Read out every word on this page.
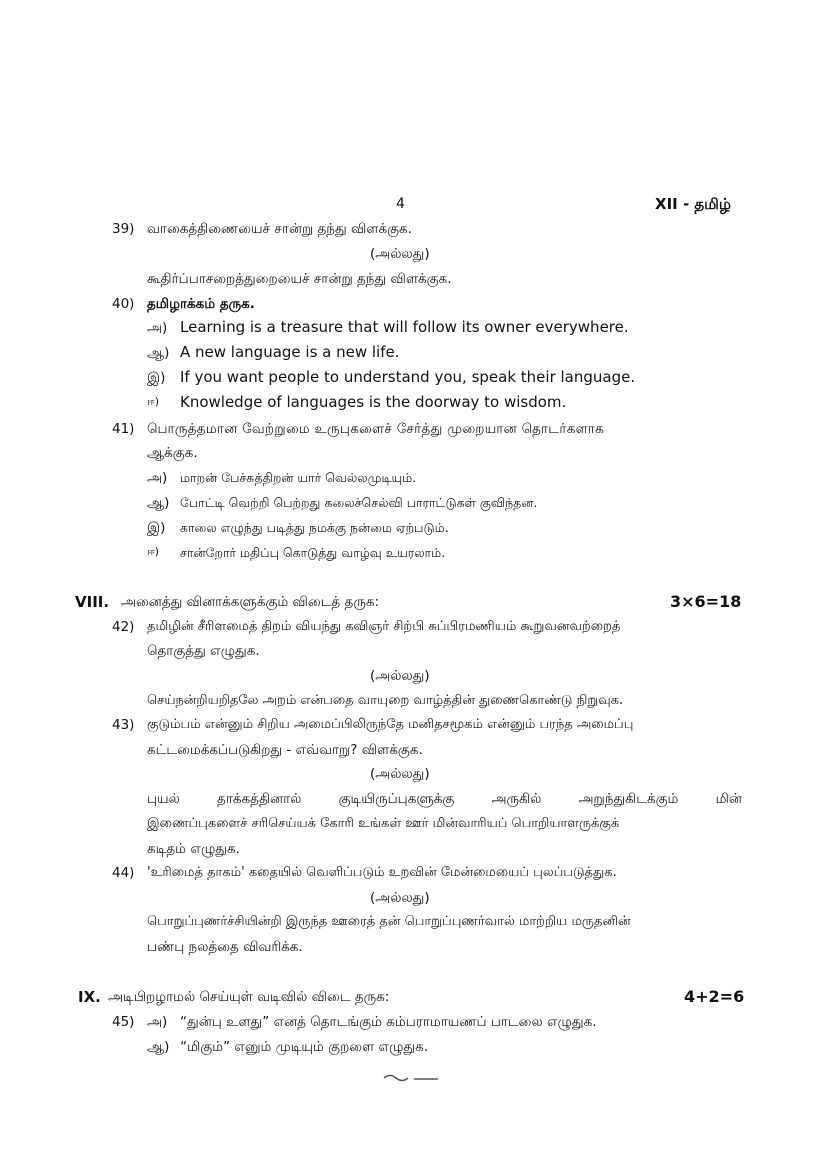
4	XII - தமிழ்
39) வாகைத்திணையைச் சான்று தந்து விளக்குக.
(அல்லது)
கூதிர்ப்பாசறைத்துறையைச் சான்று தந்து விளக்குக.
40) தமிழாக்கம் தருக.
அ) Learning is a treasure that will follow its owner everywhere.
ஆ) A new language is a new life.
இ) If you want people to understand you, speak their language.
ஈ) Knowledge of languages is the doorway to wisdom.
41) பொருத்தமான வேற்றுமை உருபுகளைச் சேர்த்து முறையான தொடர்களாக
ஆக்குக.
அ) மாறன் பேச்சுத்திறன் யார் வெல்லமுடியும்.
ஆ) போட்டி வெற்றி பெற்றது கலைச்செல்வி பாராட்டுகள் குவிந்தன.
இ) காலை எழுந்து படித்து நமக்கு நன்மை ஏற்படும்.
ஈ) சான்றோர் மதிப்பு கொடுத்து வாழ்வு உயரலாம்.
VIII. அனைத்து வினாக்களுக்கும் விடைத் தருக:	3×6=18
42) தமிழின் சீரிளமைத் திறம் வியந்து கவிஞர் சிற்பி சுப்பிரமணியம் கூறுவனவற்றைத்
தொகுத்து எழுதுக.
(அல்லது)
செய்நன்றியறிதலே அறம் என்பதை வாயுறை வாழ்த்தின் துணைகொண்டு நிறுவுக.
43) குடும்பம் என்னும் சிறிய அமைப்பிலிருந்தே மனிதசமூகம் என்னும் பரந்த அமைப்பு
கட்டமைக்கப்படுகிறது - எவ்வாறு? விளக்குக.
(அல்லது)
புயல் தாக்கத்தினால் குடியிருப்புகளுக்கு அருகில் அறுந்துகிடக்கும் மின்
இணைப்புகளைச் சரிசெய்யக் கோரி உங்கள் ஊர் மின்வாரியப் பொறியாளருக்குக்
கடிதம் எழுதுக.
44) 'உரிமைத் தாகம்' கதையில் வெளிப்படும் உறவின் மேன்மையைப் புலப்படுத்துக.
(அல்லது)
பொறுப்புணர்ச்சியின்றி இருந்த ஊரைத் தன் பொறுப்புணர்வால் மாற்றிய மருதனின்
பண்பு நலத்தை விவரிக்க.
IX. அடிபிறழாமல் செய்யுள் வடிவில் விடை தருக:	4+2=6
45) அ) “துன்பு உளது” எனத் தொடங்கும் கம்பராமாயணப் பாடலை எழுதுக.
ஆ) “மிகும்” எனும் முடியும் குறளை எழுதுக.
